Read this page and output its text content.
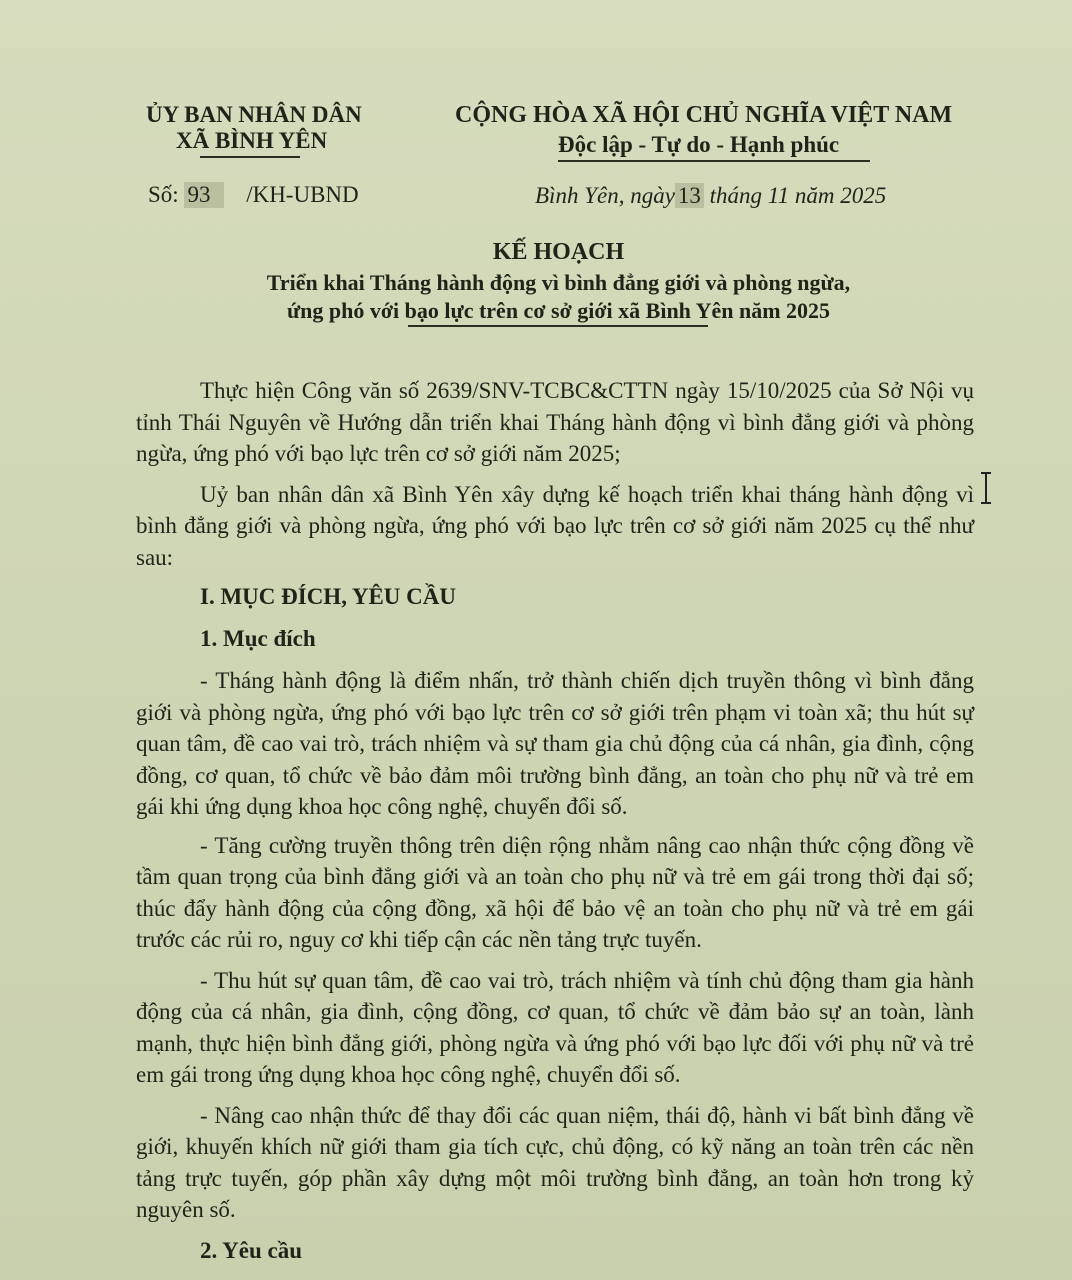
ỦY BAN NHÂN DÂN
XÃ BÌNH YÊN
CỘNG HÒA XÃ HỘI CHỦ NGHĨA VIỆT NAM
Độc lập - Tự do - Hạnh phúc
Số: 93 /KH-UBND	Bình Yên, ngày 13 tháng 11 năm 2025
KẾ HOẠCH
Triển khai Tháng hành động vì bình đẳng giới và phòng ngừa,
ứng phó với bạo lực trên cơ sở giới xã Bình Yên năm 2025

Thực hiện Công văn số 2639/SNV-TCBC&CTTN ngày 15/10/2025 của Sở Nội vụ tỉnh Thái Nguyên về Hướng dẫn triển khai Tháng hành động vì bình đẳng giới và phòng ngừa, ứng phó với bạo lực trên cơ sở giới năm 2025;

Uỷ ban nhân dân xã Bình Yên xây dựng kế hoạch triển khai tháng hành động vì bình đẳng giới và phòng ngừa, ứng phó với bạo lực trên cơ sở giới năm 2025 cụ thể như sau:

I. MỤC ĐÍCH, YÊU CẦU
1. Mục đích

- Tháng hành động là điểm nhấn, trở thành chiến dịch truyền thông vì bình đẳng giới và phòng ngừa, ứng phó với bạo lực trên cơ sở giới trên phạm vi toàn xã; thu hút sự quan tâm, đề cao vai trò, trách nhiệm và sự tham gia chủ động của cá nhân, gia đình, cộng đồng, cơ quan, tổ chức về bảo đảm môi trường bình đẳng, an toàn cho phụ nữ và trẻ em gái khi ứng dụng khoa học công nghệ, chuyển đổi số.

- Tăng cường truyền thông trên diện rộng nhằm nâng cao nhận thức cộng đồng về tầm quan trọng của bình đẳng giới và an toàn cho phụ nữ và trẻ em gái trong thời đại số; thúc đẩy hành động của cộng đồng, xã hội để bảo vệ an toàn cho phụ nữ và trẻ em gái trước các rủi ro, nguy cơ khi tiếp cận các nền tảng trực tuyến.

- Thu hút sự quan tâm, đề cao vai trò, trách nhiệm và tính chủ động tham gia hành động của cá nhân, gia đình, cộng đồng, cơ quan, tổ chức về đảm bảo sự an toàn, lành mạnh, thực hiện bình đẳng giới, phòng ngừa và ứng phó với bạo lực đối với phụ nữ và trẻ em gái trong ứng dụng khoa học công nghệ, chuyển đổi số.

- Nâng cao nhận thức để thay đổi các quan niệm, thái độ, hành vi bất bình đẳng về giới, khuyến khích nữ giới tham gia tích cực, chủ động, có kỹ năng an toàn trên các nền tảng trực tuyến, góp phần xây dựng một môi trường bình đẳng, an toàn hơn trong kỷ nguyên số.

2. Yêu cầu
